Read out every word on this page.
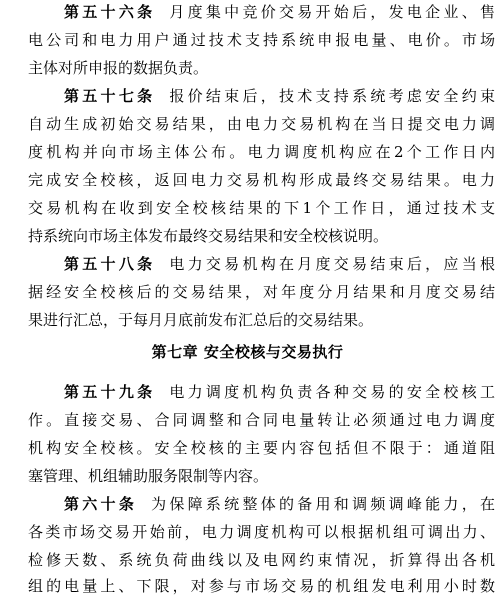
第五十六条 月度集中竞价交易开始后，发电企业、售
电公司和电力用户通过技术支持系统申报电量、电价。市场
主体对所申报的数据负责。
第五十七条 报价结束后，技术支持系统考虑安全约束
自动生成初始交易结果，由电力交易机构在当日提交电力调
度机构并向市场主体公布。电力调度机构应在2个工作日内
完成安全校核，返回电力交易机构形成最终交易结果。电力
交易机构在收到安全校核结果的下1个工作日，通过技术支
持系统向市场主体发布最终交易结果和安全校核说明。
第五十八条 电力交易机构在月度交易结束后，应当根
据经安全校核后的交易结果，对年度分月结果和月度交易结
果进行汇总，于每月月底前发布汇总后的交易结果。
第七章 安全校核与交易执行
第五十九条 电力调度机构负责各种交易的安全校核工
作。直接交易、合同调整和合同电量转让必须通过电力调度
机构安全校核。安全校核的主要内容包括但不限于：通道阻
塞管理、机组辅助服务限制等内容。
第六十条 为保障系统整体的备用和调频调峰能力，在
各类市场交易开始前，电力调度机构可以根据机组可调出力、
检修天数、系统负荷曲线以及电网约束情况，折算得出各机
组的电量上、下限，对参与市场交易的机组发电利用小时数
